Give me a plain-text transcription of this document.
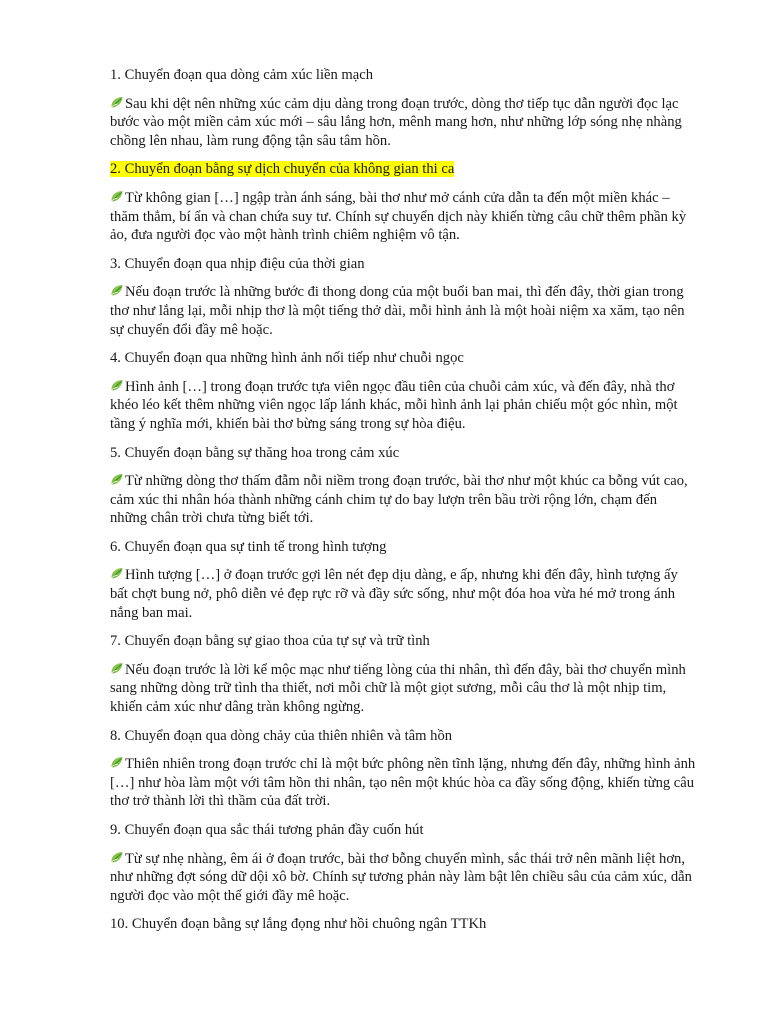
1. Chuyển đoạn qua dòng cảm xúc liền mạch
Sau khi dệt nên những xúc cảm dịu dàng trong đoạn trước, dòng thơ tiếp tục dẫn người đọc lạc bước vào một miền cảm xúc mới – sâu lắng hơn, mênh mang hơn, như những lớp sóng nhẹ nhàng chồng lên nhau, làm rung động tận sâu tâm hồn.
2. Chuyển đoạn bằng sự dịch chuyển của không gian thi ca
Từ không gian […] ngập tràn ánh sáng, bài thơ như mở cánh cửa dẫn ta đến một miền khác – thăm thẳm, bí ẩn và chan chứa suy tư. Chính sự chuyển dịch này khiến từng câu chữ thêm phần kỳ ảo, đưa người đọc vào một hành trình chiêm nghiệm vô tận.
3. Chuyển đoạn qua nhịp điệu của thời gian
Nếu đoạn trước là những bước đi thong dong của một buổi ban mai, thì đến đây, thời gian trong thơ như lắng lại, mỗi nhịp thơ là một tiếng thở dài, mỗi hình ảnh là một hoài niệm xa xăm, tạo nên sự chuyển đổi đầy mê hoặc.
4. Chuyển đoạn qua những hình ảnh nối tiếp như chuỗi ngọc
Hình ảnh […] trong đoạn trước tựa viên ngọc đầu tiên của chuỗi cảm xúc, và đến đây, nhà thơ khéo léo kết thêm những viên ngọc lấp lánh khác, mỗi hình ảnh lại phản chiếu một góc nhìn, một tầng ý nghĩa mới, khiến bài thơ bừng sáng trong sự hòa điệu.
5. Chuyển đoạn bằng sự thăng hoa trong cảm xúc
Từ những dòng thơ thấm đẫm nỗi niềm trong đoạn trước, bài thơ như một khúc ca bỗng vút cao, cảm xúc thi nhân hóa thành những cánh chim tự do bay lượn trên bầu trời rộng lớn, chạm đến những chân trời chưa từng biết tới.
6. Chuyển đoạn qua sự tinh tế trong hình tượng
Hình tượng […] ở đoạn trước gợi lên nét đẹp dịu dàng, e ấp, nhưng khi đến đây, hình tượng ấy bất chợt bung nở, phô diễn vẻ đẹp rực rỡ và đầy sức sống, như một đóa hoa vừa hé mở trong ánh nắng ban mai.
7. Chuyển đoạn bằng sự giao thoa của tự sự và trữ tình
Nếu đoạn trước là lời kể mộc mạc như tiếng lòng của thi nhân, thì đến đây, bài thơ chuyển mình sang những dòng trữ tình tha thiết, nơi mỗi chữ là một giọt sương, mỗi câu thơ là một nhịp tim, khiến cảm xúc như dâng tràn không ngừng.
8. Chuyển đoạn qua dòng chảy của thiên nhiên và tâm hồn
Thiên nhiên trong đoạn trước chỉ là một bức phông nền tĩnh lặng, nhưng đến đây, những hình ảnh […] như hòa làm một với tâm hồn thi nhân, tạo nên một khúc hòa ca đầy sống động, khiến từng câu thơ trở thành lời thì thầm của đất trời.
9. Chuyển đoạn qua sắc thái tương phản đầy cuốn hút
Từ sự nhẹ nhàng, êm ái ở đoạn trước, bài thơ bỗng chuyển mình, sắc thái trở nên mãnh liệt hơn, như những đợt sóng dữ dội xô bờ. Chính sự tương phản này làm bật lên chiều sâu của cảm xúc, dẫn người đọc vào một thế giới đầy mê hoặc.
10. Chuyển đoạn bằng sự lắng đọng như hồi chuông ngân TTKh
